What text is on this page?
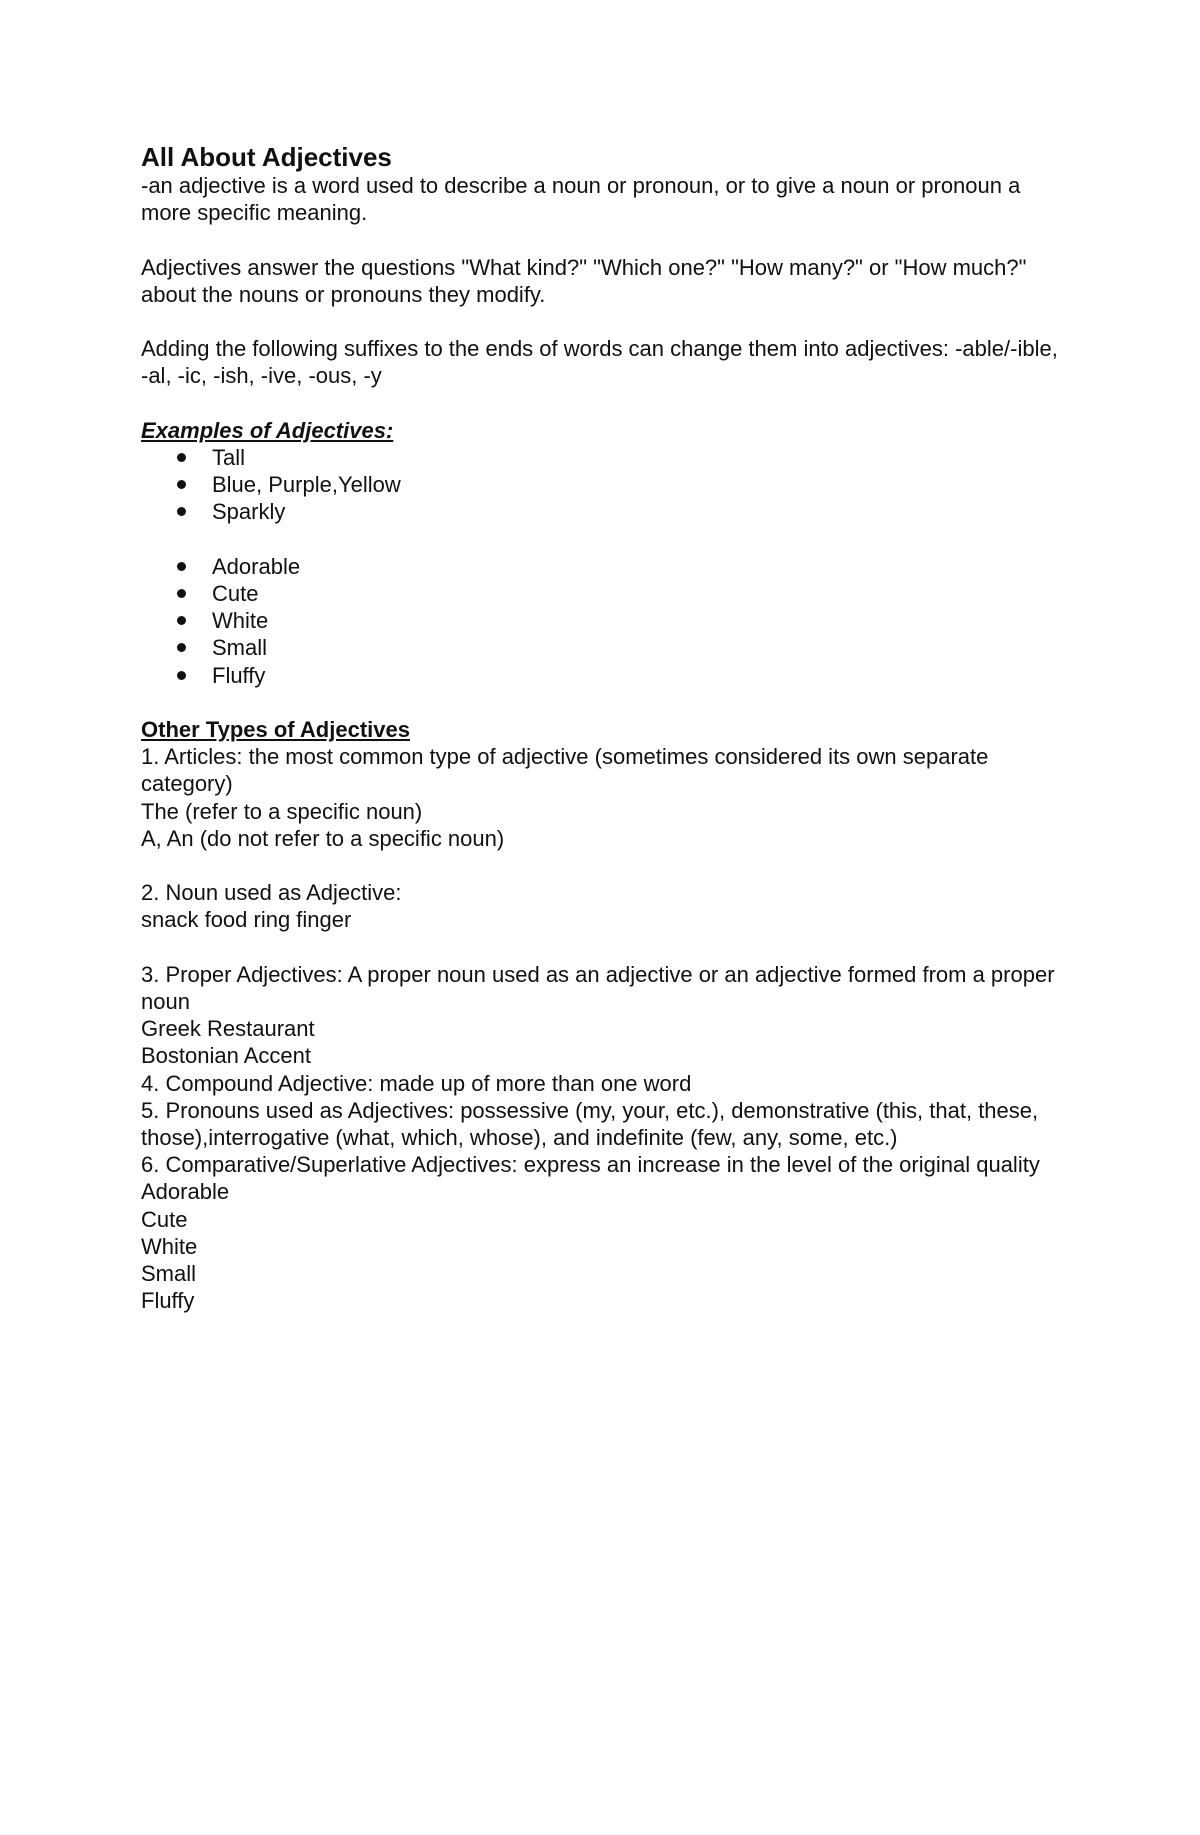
All About Adjectives

-an adjective is a word used to describe a noun or pronoun, or to give a noun or pronoun a more specific meaning.

Adjectives answer the questions "What kind?" "Which one?" "How many?" or "How much?" about the nouns or pronouns they modify.

Adding the following suffixes to the ends of words can change them into adjectives: -able/-ible, -al, -ic, -ish, -ive, -ous, -y

Examples of Adjectives:

Tall
Blue, Purple,Yellow
Sparkly
Adorable
Cute
White
Small
Fluffy

Other Types of Adjectives

1. Articles: the most common type of adjective (sometimes considered its own separate category)

The (refer to a specific noun)

A, An (do not refer to a specific noun)

2. Noun used as Adjective:

snack food ring finger

3. Proper Adjectives: A proper noun used as an adjective or an adjective formed from a proper noun

Greek Restaurant

Bostonian Accent

4. Compound Adjective: made up of more than one word

5. Pronouns used as Adjectives: possessive (my, your, etc.), demonstrative (this, that, these, those),interrogative (what, which, whose), and indefinite (few, any, some, etc.)

6. Comparative/Superlative Adjectives: express an increase in the level of the original quality

Adorable

Cute

White

Small

Fluffy
